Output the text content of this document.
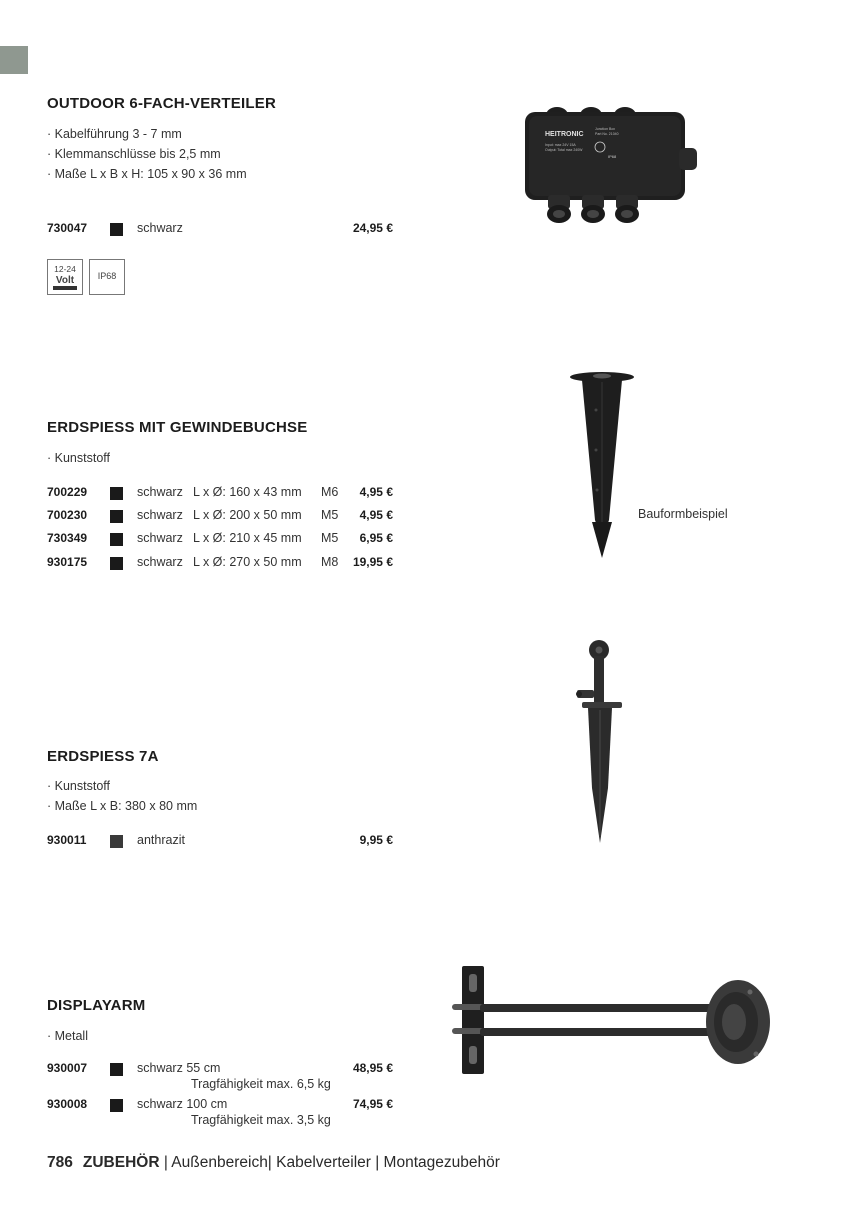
OUTDOOR 6-FACH-VERTEILER
· Kabelführung 3 - 7 mm
· Klemmanschlüsse bis 2,5 mm
· Maße L x B x H: 105 x 90 x 36 mm
730047	schwarz	24,95 €
12-24
Volt	IP68
HEITRONIC
Junction Box
Part No. 21040
Input: max 24V 15A
Output: Total max 240W
IP68
ERDSPIESS MIT GEWINDEBUCHSE
· Kunststoff
700229	schwarz L x Ø: 160 x 43 mm M6 4,95 €
700230	schwarz L x Ø: 200 x 50 mm M5 4,95 €
730349	schwarz L x Ø: 210 x 45 mm M5 6,95 €
930175	schwarz L x Ø: 270 x 50 mm M8 19,95 €
Bauformbeispiel
ERDSPIESS 7A
· Kunststoff
· Maße L x B: 380 x 80 mm
930011	anthrazit	9,95 €
DISPLAYARM
· Metall
930007	schwarz 55 cm
Tragfähigkeit max. 6,5 kg
48,95 €
930008	schwarz 100 cm
Tragfähigkeit max. 3,5 kg
74,95 €
786 ZUBEHÖR | Außenbereich| Kabelverteiler | Montagezubehör
